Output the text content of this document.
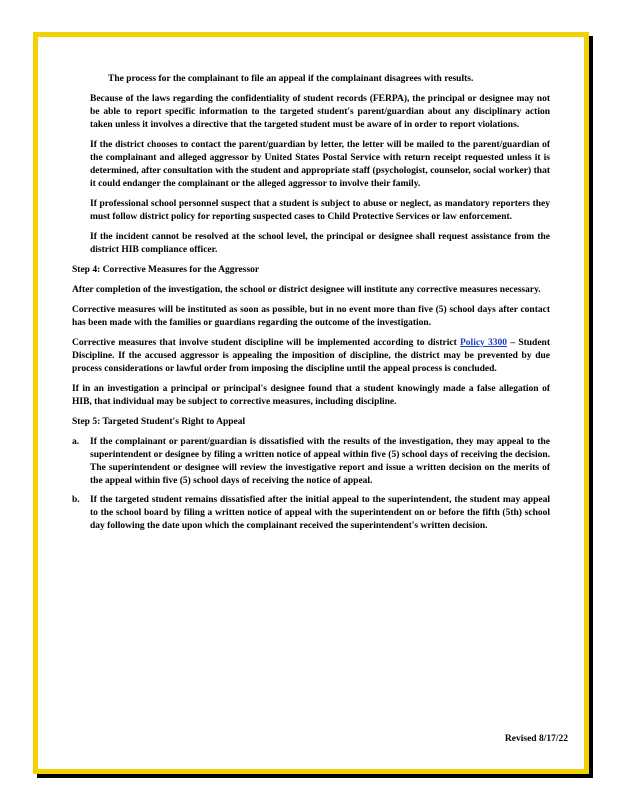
The process for the complainant to file an appeal if the complainant disagrees with results.

Because of the laws regarding the confidentiality of student records (FERPA), the principal or designee may not be able to report specific information to the targeted student's parent/guardian about any disciplinary action taken unless it involves a directive that the targeted student must be aware of in order to report violations.

If the district chooses to contact the parent/guardian by letter, the letter will be mailed to the parent/guardian of the complainant and alleged aggressor by United States Postal Service with return receipt requested unless it is determined, after consultation with the student and appropriate staff (psychologist, counselor, social worker) that it could endanger the complainant or the alleged aggressor to involve their family.

If professional school personnel suspect that a student is subject to abuse or neglect, as mandatory reporters they must follow district policy for reporting suspected cases to Child Protective Services or law enforcement.

If the incident cannot be resolved at the school level, the principal or designee shall request assistance from the district HIB compliance officer.

Step 4: Corrective Measures for the Aggressor

After completion of the investigation, the school or district designee will institute any corrective measures necessary.

Corrective measures will be instituted as soon as possible, but in no event more than five (5) school days after contact has been made with the families or guardians regarding the outcome of the investigation.

Corrective measures that involve student discipline will be implemented according to district Policy 3300 – Student Discipline. If the accused aggressor is appealing the imposition of discipline, the district may be prevented by due process considerations or lawful order from imposing the discipline until the appeal process is concluded.

If in an investigation a principal or principal's designee found that a student knowingly made a false allegation of HIB, that individual may be subject to corrective measures, including discipline.

Step 5: Targeted Student's Right to Appeal

a. If the complainant or parent/guardian is dissatisfied with the results of the investigation, they may appeal to the superintendent or designee by filing a written notice of appeal within five (5) school days of receiving the decision. The superintendent or designee will review the investigative report and issue a written decision on the merits of the appeal within five (5) school days of receiving the notice of appeal.
b. If the targeted student remains dissatisfied after the initial appeal to the superintendent, the student may appeal to the school board by filing a written notice of appeal with the superintendent on or before the fifth (5th) school day following the date upon which the complainant received the superintendent's written decision.
Revised 8/17/22
